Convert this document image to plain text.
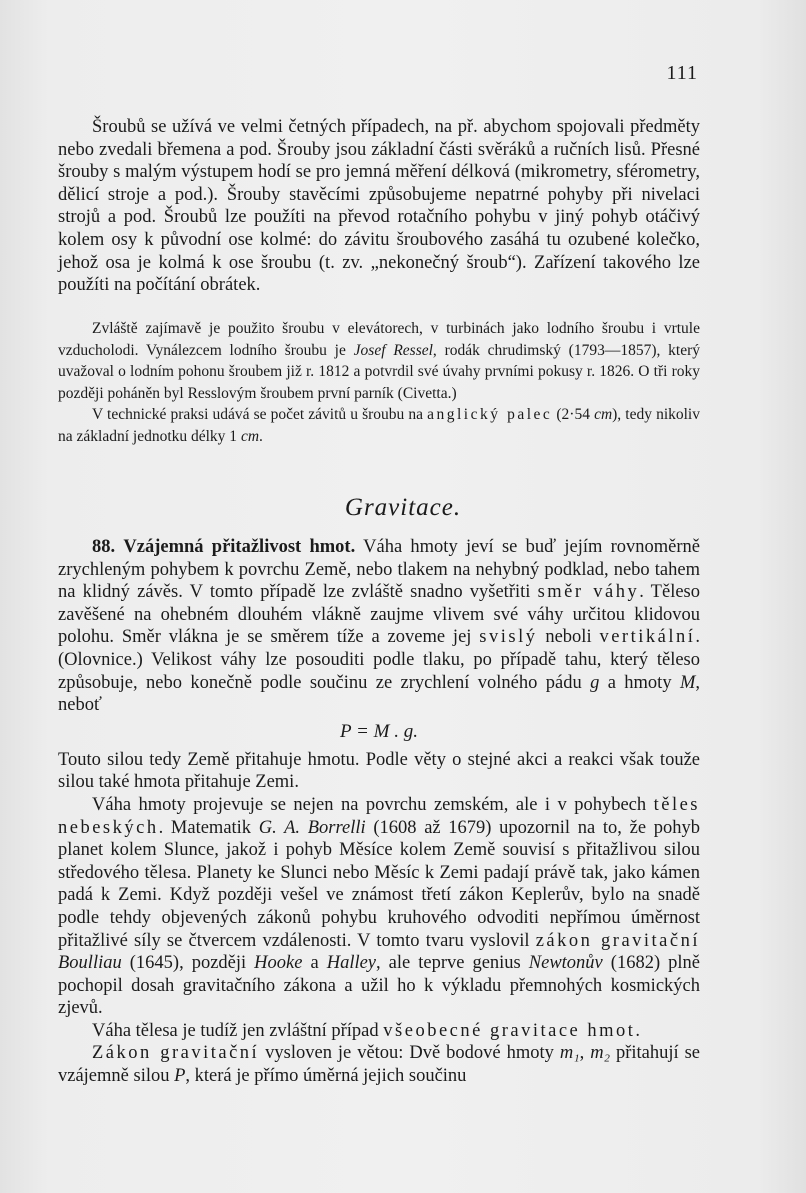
111

Šroubů se užívá ve velmi četných případech, na př. abychom spojovali předměty nebo zvedali břemena a pod. Šrouby jsou základní části svěráků a ručních lisů. Přesné šrouby s malým výstupem hodí se pro jemná měření délková (mikrometry, sférometry, dělicí stroje a pod.). Šrouby stavěcími způsobujeme nepatrné pohyby při nivelaci strojů a pod. Šroubů lze použíti na převod rotačního pohybu v jiný pohyb otáčivý kolem osy k původní ose kolmé: do závitu šroubového zasáhá tu ozubené kolečko, jehož osa je kolmá k ose šroubu (t. zv. „nekonečný šroub“). Zařízení takového lze použíti na počítání obrátek.

Zvláště zajímavě je použito šroubu v elevátorech, v turbinách jako lodního šroubu i vrtule vzducholodi. Vynálezcem lodního šroubu je Josef Ressel, rodák chrudimský (1793—1857), který uvažoval o lodním pohonu šroubem již r. 1812 a potvrdil své úvahy prvními pokusy r. 1826. O tři roky později poháněn byl Resslovým šroubem první parník (Civetta.)

V technické praksi udává se počet závitů u šroubu na anglický palec (2·54 cm), tedy nikoliv na základní jednotku délky 1 cm.

Gravitace.

88. Vzájemná přitažlivost hmot. Váha hmoty jeví se buď jejím rovnoměrně zrychleným pohybem k povrchu Země, nebo tlakem na nehybný podklad, nebo tahem na klidný závěs. V tomto případě lze zvláště snadno vyšetřiti směr váhy. Těleso zavěšené na ohebném dlouhém vlákně zaujme vlivem své váhy určitou klidovou polohu. Směr vlákna je se směrem tíže a zoveme jej svislý neboli vertikální. (Olovnice.) Velikost váhy lze posouditi podle tlaku, po případě tahu, který těleso způsobuje, nebo konečně podle součinu ze zrychlení volného pádu g a hmoty M, neboť

P = M . g.

Touto silou tedy Země přitahuje hmotu. Podle věty o stejné akci a reakci však touže silou také hmota přitahuje Zemi.

Váha hmoty projevuje se nejen na povrchu zemském, ale i v pohybech těles nebeských. Matematik G. A. Borrelli (1608 až 1679) upozornil na to, že pohyb planet kolem Slunce, jakož i pohyb Měsíce kolem Země souvisí s přitažlivou silou středového tělesa. Planety ke Slunci nebo Měsíc k Zemi padají právě tak, jako kámen padá k Zemi. Když později vešel ve známost třetí zákon Keplerův, bylo na snadě podle tehdy objevených zákonů pohybu kruhového odvoditi nepřímou úměrnost přitažlivé síly se čtvercem vzdálenosti. V tomto tvaru vyslovil zákon gravitační Boulliau (1645), později Hooke a Halley, ale teprve genius Newtonův (1682) plně pochopil dosah gravitačního zákona a užil ho k výkladu přemnohých kosmických zjevů.

Váha tělesa je tudíž jen zvláštní případ všeobecné gravitace hmot.

Zákon gravitační vysloven je větou: Dvě bodové hmoty m₁, m₂ přitahují se vzájemně silou P, která je přímo úměrná jejich součinu
